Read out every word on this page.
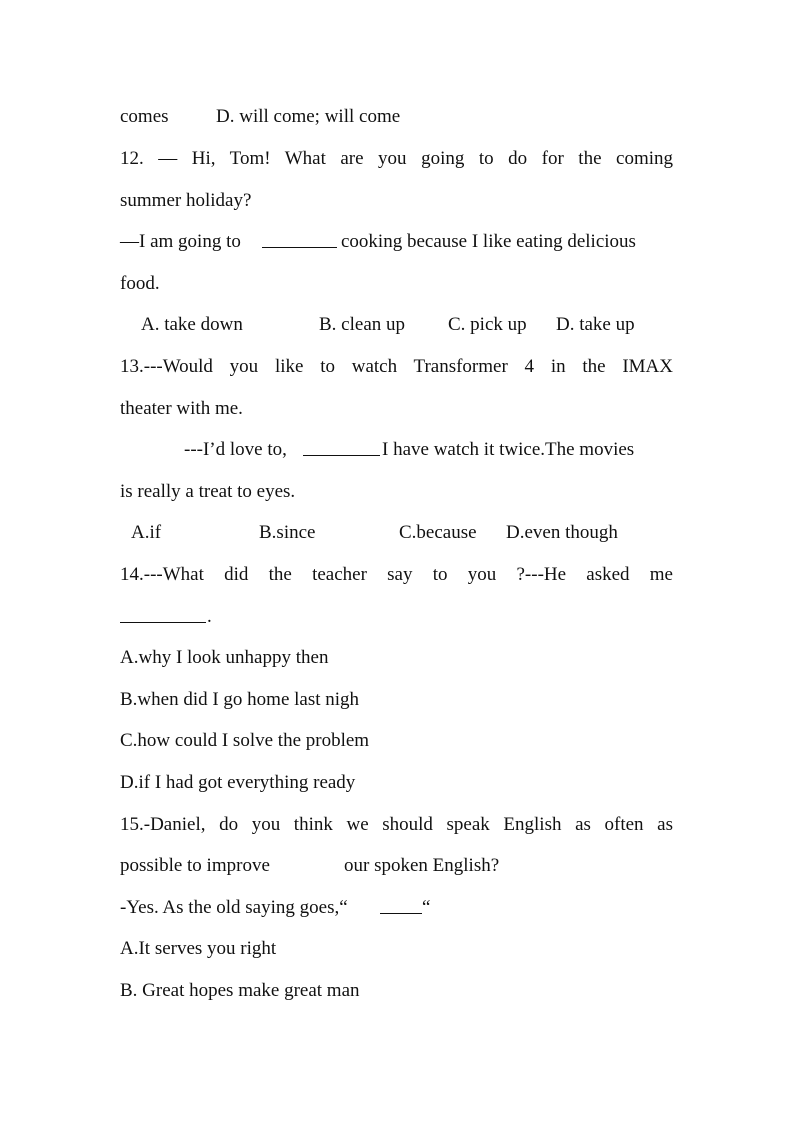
comes D. will come; will come
12. — Hi, Tom! What are you going to do for the coming
summer holiday?
—I am going to	cooking because I like eating delicious
food.
A. take down	B. clean up C. pick up D. take up
13.---Would you like to watch Transformer 4 in the IMAX
theater with me.
---I’d love to,	I have watch it twice.The movies
is really a treat to eyes.
A.if	B.since	C.because D.even though
14.---What did the teacher say to you ?---He asked me
.
A.why I look unhappy then
B.when did I go home last nigh
C.how could I solve the problem
D.if I had got everything ready
15.-Daniel, do you think we should speak English as often as
possible to improve	our spoken English?
-Yes. As the old saying goes,“	“
A.It serves you right
B. Great hopes make great man
